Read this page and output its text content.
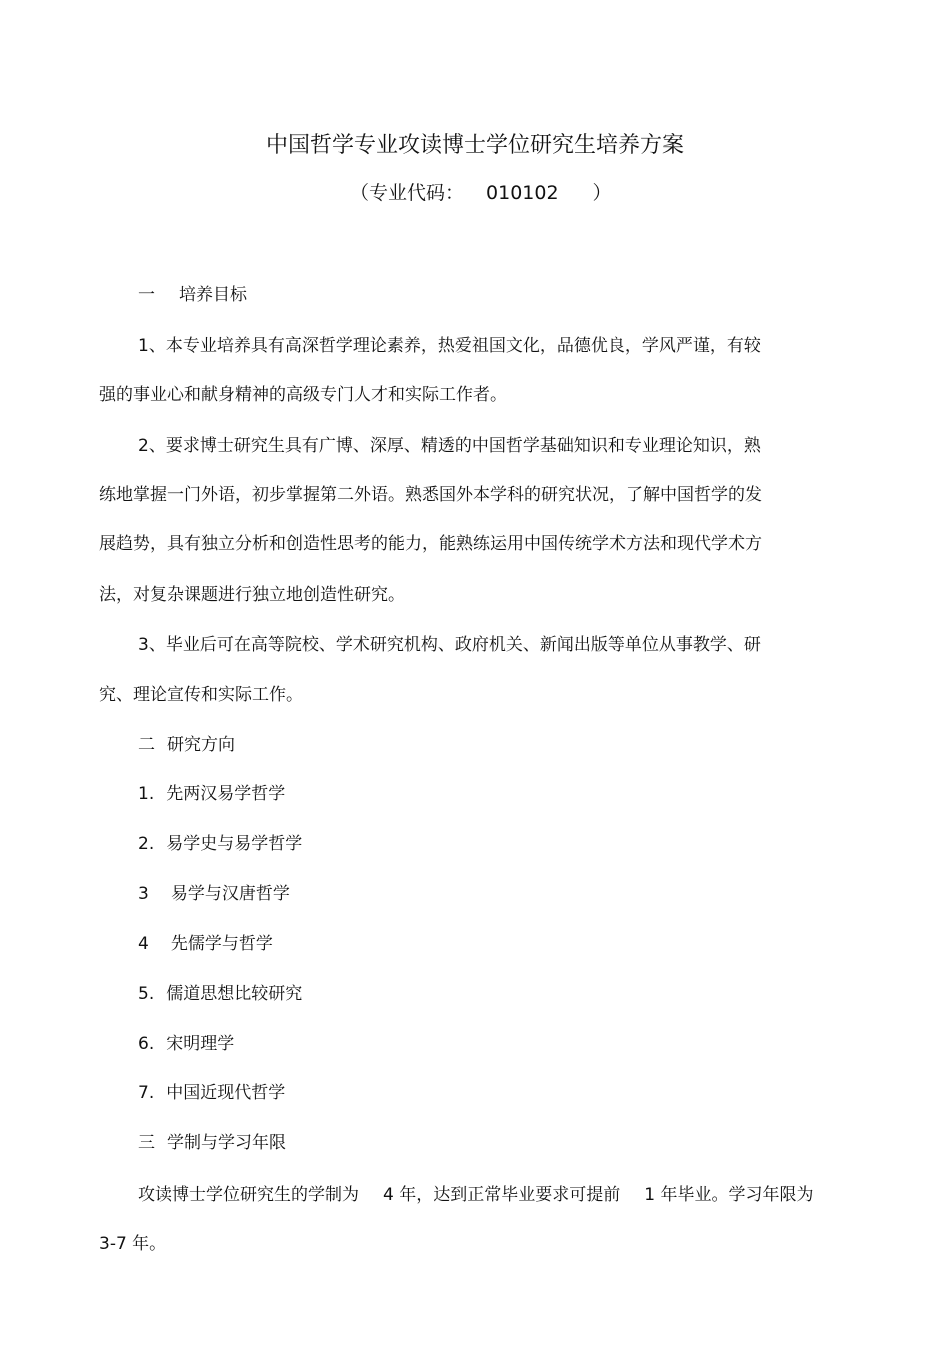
中国哲学专业攻读博士学位研究生培养方案
（专业代码： 010102 ）
一 培养目标
1、本专业培养具有高深哲学理论素养，热爱祖国文化，品德优良，学风严谨，有较
强的事业心和献身精神的高级专门人才和实际工作者。
2、要求博士研究生具有广博、深厚、精透的中国哲学基础知识和专业理论知识，熟
练地掌握一门外语，初步掌握第二外语。熟悉国外本学科的研究状况，了解中国哲学的发
展趋势，具有独立分析和创造性思考的能力，能熟练运用中国传统学术方法和现代学术方
法，对复杂课题进行独立地创造性研究。
3、毕业后可在高等院校、学术研究机构、政府机关、新闻出版等单位从事教学、研
究、理论宣传和实际工作。
二 研究方向
1. 先两汉易学哲学
2. 易学史与易学哲学
3 易学与汉唐哲学
4 先儒学与哲学
5. 儒道思想比较研究
6. 宋明理学
7. 中国近现代哲学
三 学制与学习年限
攻读博士学位研究生的学制为 4 年，达到正常毕业要求可提前 1 年毕业。学习年限为
3-7 年。
